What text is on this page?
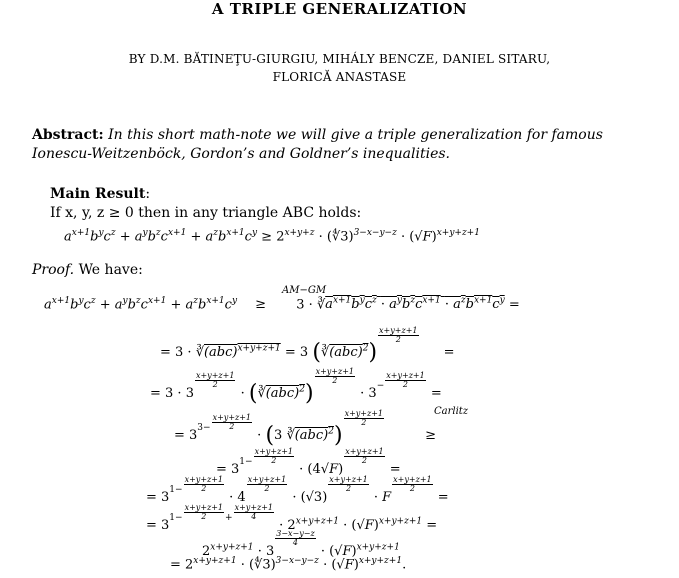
A TRIPLE GENERALIZATION
BY D.M. BĂTINEŢU-GIURGIU, MIHÁLY BENCZE, DANIEL SITARU,
FLORICĂ ANASTASE
Abstract: In this short math-note we will give a triple generalization for famous Ionescu-Weitzenböck, Gordon’s and Goldner’s inequalities.
Main Result:
If x, y, z ≥ 0 then in any triangle ABC holds:
$a^{x+1}b^yc^z + a^yb^zc^{x+1} + a^zb^{x+1}c^y \ge 2^{x+y+z}$ · (∜3)$^{3-x-y-z}$ · $(√F)^{x+y+z+1}$
Proof. We have:
AM−GM
$a^{x+1}b^yc^z + a^yb^zc^{x+1} + a^zb^{x+1}c^y \ge 3$ · $∛a^{x+1}b^yc^z \cdot a^yb^zc^{x+1} \cdot a^zb^{x+1}c^y$ =
= 3 · ∛(abc)$^{x+y+z+1}$ = 3 (∛(abc)$^2$)
$\frac{x+y+z+1}{2}$
=
= 3 · 3
$\frac{x+y+z+1}{2}$
· (∛(abc)$^2$)
$\frac{x+y+z+1}{2}$
· $3^- \frac{x+y+z+1}{2}$
=
Carlitz
= $3^{3-} \frac{x+y+z+1}{2}$
· (3 ∛(abc)$^2$)
$\frac{x+y+z+1}{2}$
≥
= $3^{1-} \frac{x+y+z+1}{2}$
· (4√F)
$\frac{x+y+z+1}{2}$
=
= $3^{1-} \frac{x+y+z+1}{2}$
· 4
$\frac{x+y+z+1}{2}$
· (√3)
$\frac{x+y+z+1}{2}$
· F
$\frac{x+y+z+1}{2}$
=
= $3^{1-} \frac{x+y+z+1}{2} ^+ \frac{x+y+z+1}{4}$
· $2^{x+y+z+1} \cdot (√F)^{x+y+z+1}$ =
$2^{x+y+z+1} \cdot 3$
$\frac{3-x-y-z}{4}$
· $(√F)^{x+y+z+1}$
= $2^{x+y+z+1}$ · (∜3)$^{3-x-y-z}$ · $(√F)^{x+y+z+1}$.
